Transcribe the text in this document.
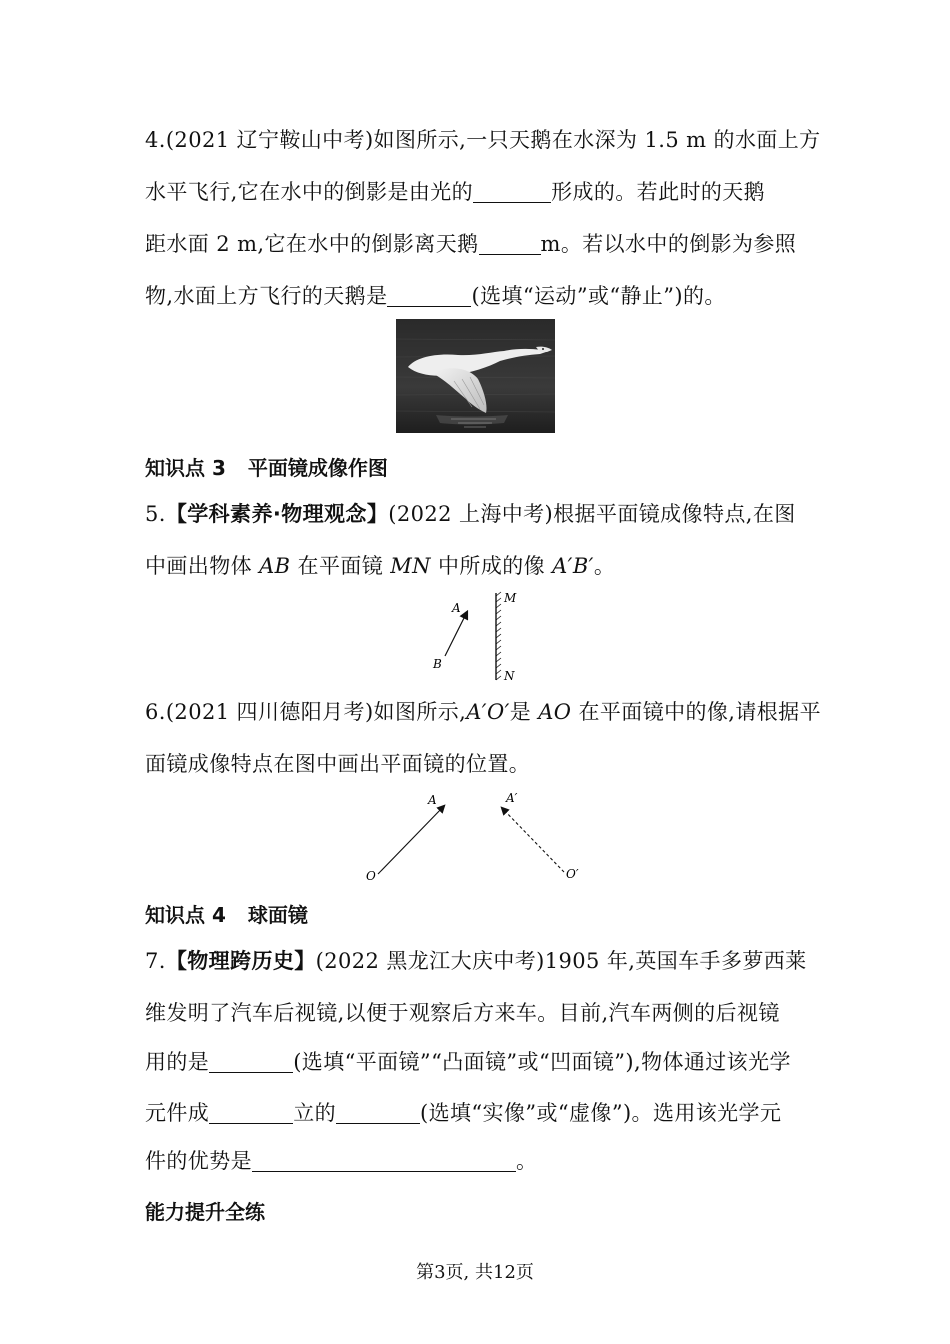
4.(2021 辽宁鞍山中考)如图所示,一只天鹅在水深为 1.5 m 的水面上方
水平飞行,它在水中的倒影是由光的	形成的。若此时的天鹅
距水面 2 m,它在水中的倒影离天鹅	m。若以水中的倒影为参照
物,水面上方飞行的天鹅是	(选填“运动”或“静止”)的。
知识点 3 平面镜成像作图
5.【学科素养·物理观念】(2022 上海中考)根据平面镜成像特点,在图
中画出物体 AB 在平面镜 MN 中所成的像 A′B′。
A
B
M
N
6.(2021 四川德阳月考)如图所示,A′O′是 AO 在平面镜中的像,请根据平
面镜成像特点在图中画出平面镜的位置。
A
O
A′
O′
知识点 4 球面镜
7.【物理跨历史】(2022 黑龙江大庆中考)1905 年,英国车手多萝西莱
维发明了汽车后视镜,以便于观察后方来车。目前,汽车两侧的后视镜
用的是	(选填“平面镜”“凸面镜”或“凹面镜”),物体通过该光学
元件成	立的	(选填“实像”或“虚像”)。选用该光学元
件的优势是	。
能力提升全练
第3页, 共12页
